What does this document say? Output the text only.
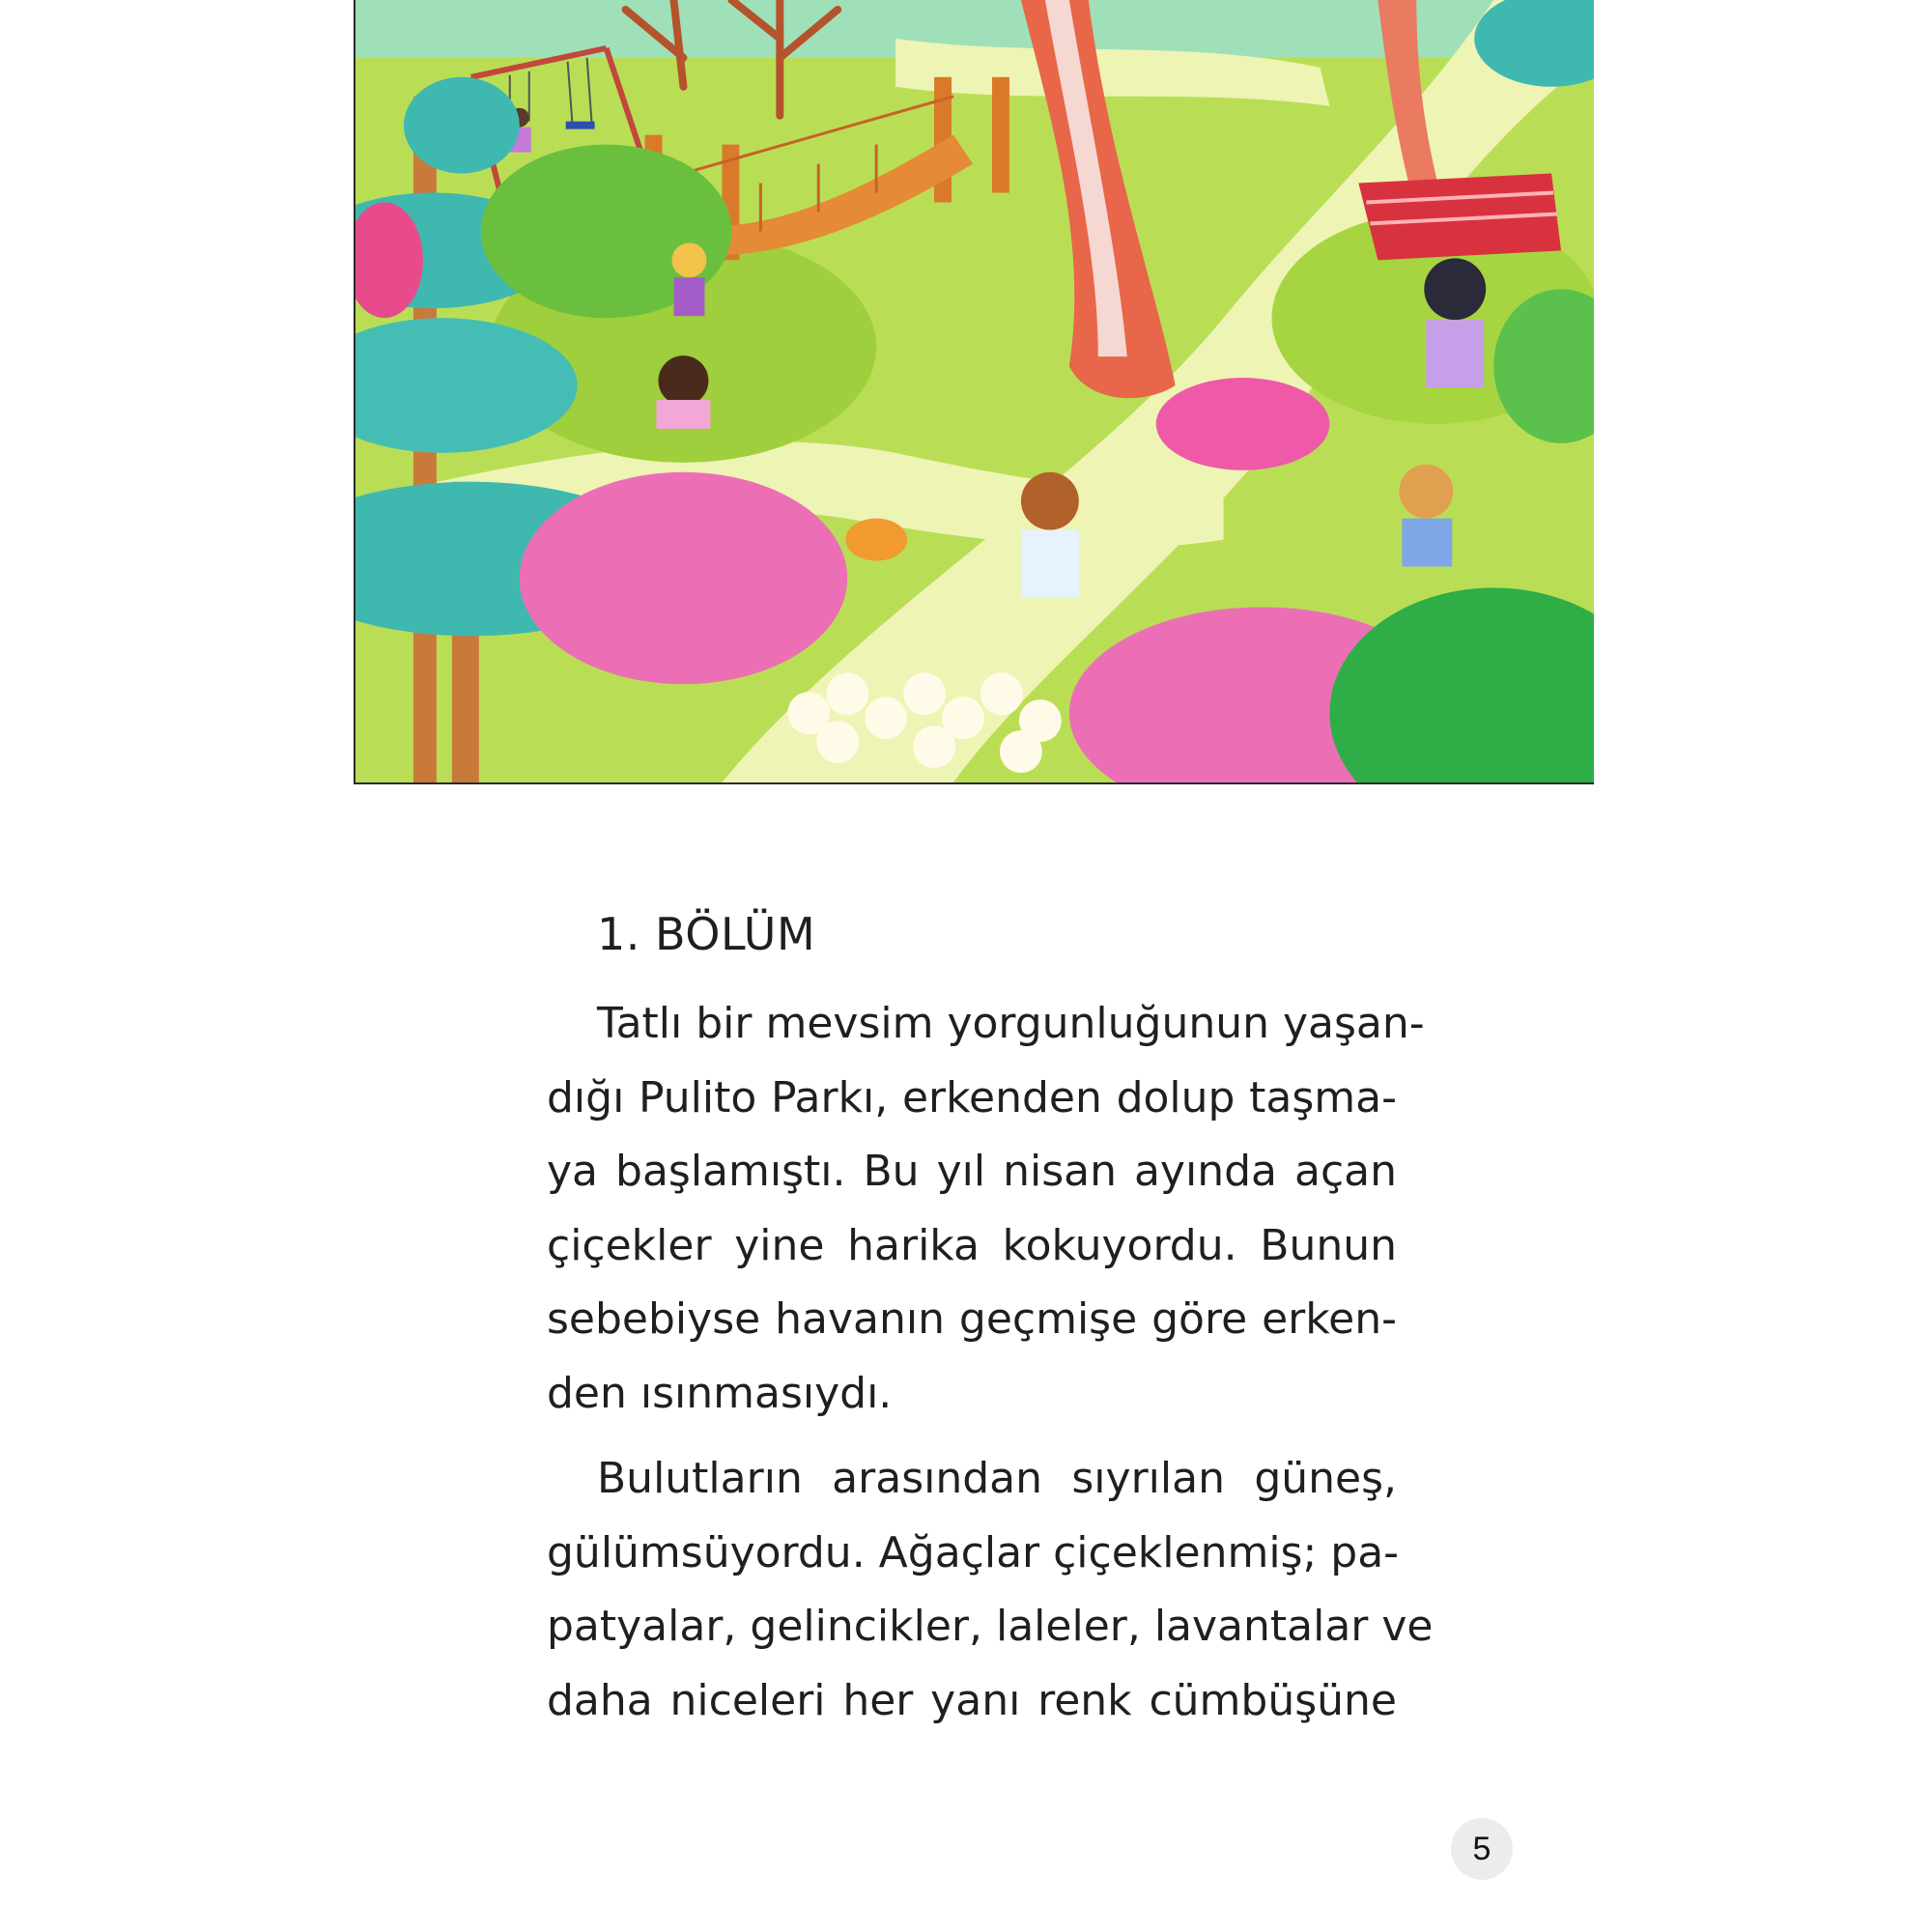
1. BÖLÜM
Tatlı bir mevsim yorgunluğunun yaşan-
dığı Pulito Parkı, erkenden dolup taşma-
ya başlamıştı. Bu yıl nisan ayında açan
çiçekler yine harika kokuyordu. Bunun
sebebiyse havanın geçmişe göre erken-
den ısınmasıydı.
Bulutların arasından sıyrılan güneş,
gülümsüyordu. Ağaçlar çiçeklenmiş; pa-
patyalar, gelincikler, laleler, lavantalar ve
daha niceleri her yanı renk cümbüşüne
5
